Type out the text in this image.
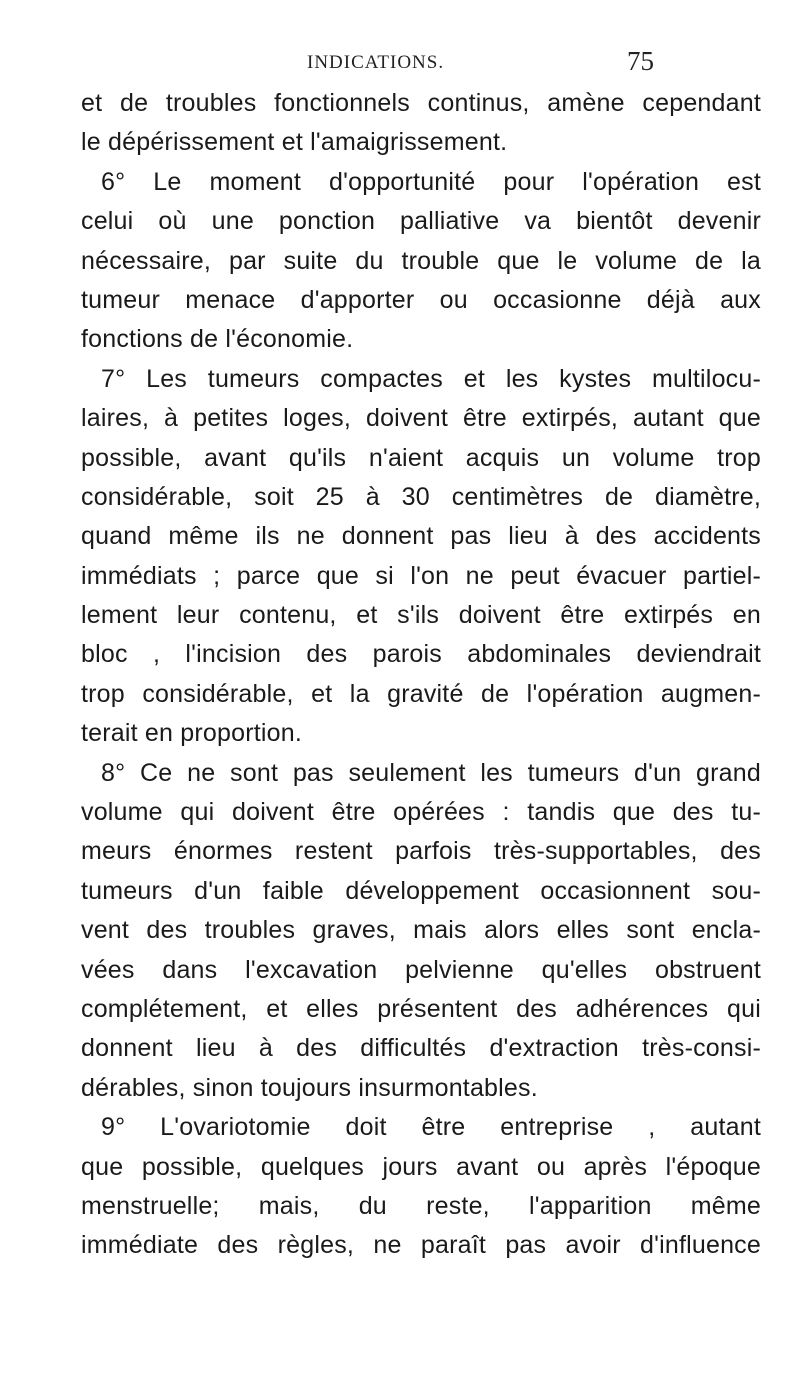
INDICATIONS.	75
et de troubles fonctionnels continus, amène cependant
le dépérissement et l'amaigrissement.
6° Le moment d'opportunité pour l'opération est
celui où une ponction palliative va bientôt devenir
nécessaire, par suite du trouble que le volume de la
tumeur menace d'apporter ou occasionne déjà aux
fonctions de l'économie.
7° Les tumeurs compactes et les kystes multilocu-
laires, à petites loges, doivent être extirpés, autant que
possible, avant qu'ils n'aient acquis un volume trop
considérable, soit 25 à 30 centimètres de diamètre,
quand même ils ne donnent pas lieu à des accidents
immédiats ; parce que si l'on ne peut évacuer partiel-
lement leur contenu, et s'ils doivent être extirpés en
bloc , l'incision des parois abdominales deviendrait
trop considérable, et la gravité de l'opération augmen-
terait en proportion.
8° Ce ne sont pas seulement les tumeurs d'un grand
volume qui doivent être opérées : tandis que des tu-
meurs énormes restent parfois très-supportables, des
tumeurs d'un faible développement occasionnent sou-
vent des troubles graves, mais alors elles sont encla-
vées dans l'excavation pelvienne qu'elles obstruent
complétement, et elles présentent des adhérences qui
donnent lieu à des difficultés d'extraction très-consi-
dérables, sinon toujours insurmontables.
9° L'ovariotomie doit être entreprise , autant
que possible, quelques jours avant ou après l'époque
menstruelle; mais, du reste, l'apparition même
immédiate des règles, ne paraît pas avoir d'influence
